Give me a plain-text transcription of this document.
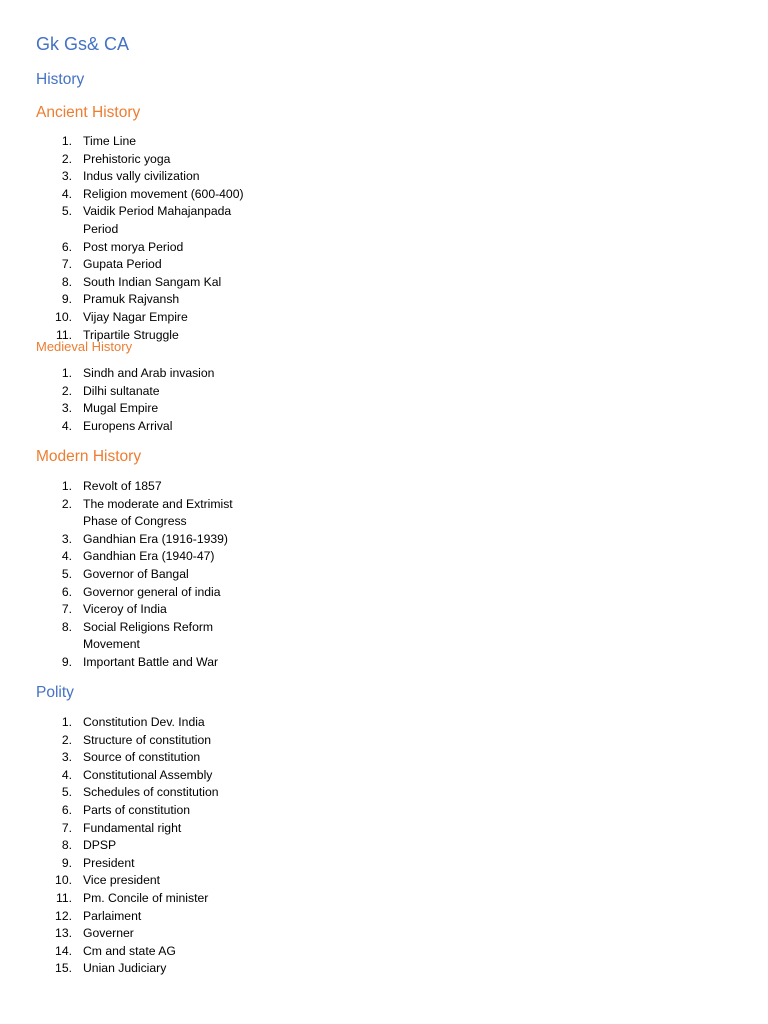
Gk Gs& CA
History
Ancient History
1. Time Line
2. Prehistoric yoga
3. Indus vally civilization
4. Religion movement (600-400)
5. Vaidik Period Mahajanpada Period
6. Post morya Period
7. Gupata Period
8. South Indian Sangam Kal
9. Pramuk Rajvansh
10. Vijay Nagar Empire
11. Tripartile Struggle
Medieval History
1. Sindh and Arab invasion
2. Dilhi sultanate
3. Mugal Empire
4. Europens Arrival
Modern History
1. Revolt of 1857
2. The moderate and Extrimist Phase of Congress
3. Gandhian Era (1916-1939)
4. Gandhian Era (1940-47)
5. Governor of Bangal
6. Governor general of india
7. Viceroy of India
8. Social Religions Reform Movement
9. Important Battle and War
Polity
1. Constitution Dev. India
2. Structure of constitution
3. Source of constitution
4. Constitutional Assembly
5. Schedules of constitution
6. Parts of constitution
7. Fundamental right
8. DPSP
9. President
10. Vice president
11. Pm. Concile of minister
12. Parlaiment
13. Governer
14. Cm and state AG
15. Unian Judiciary
